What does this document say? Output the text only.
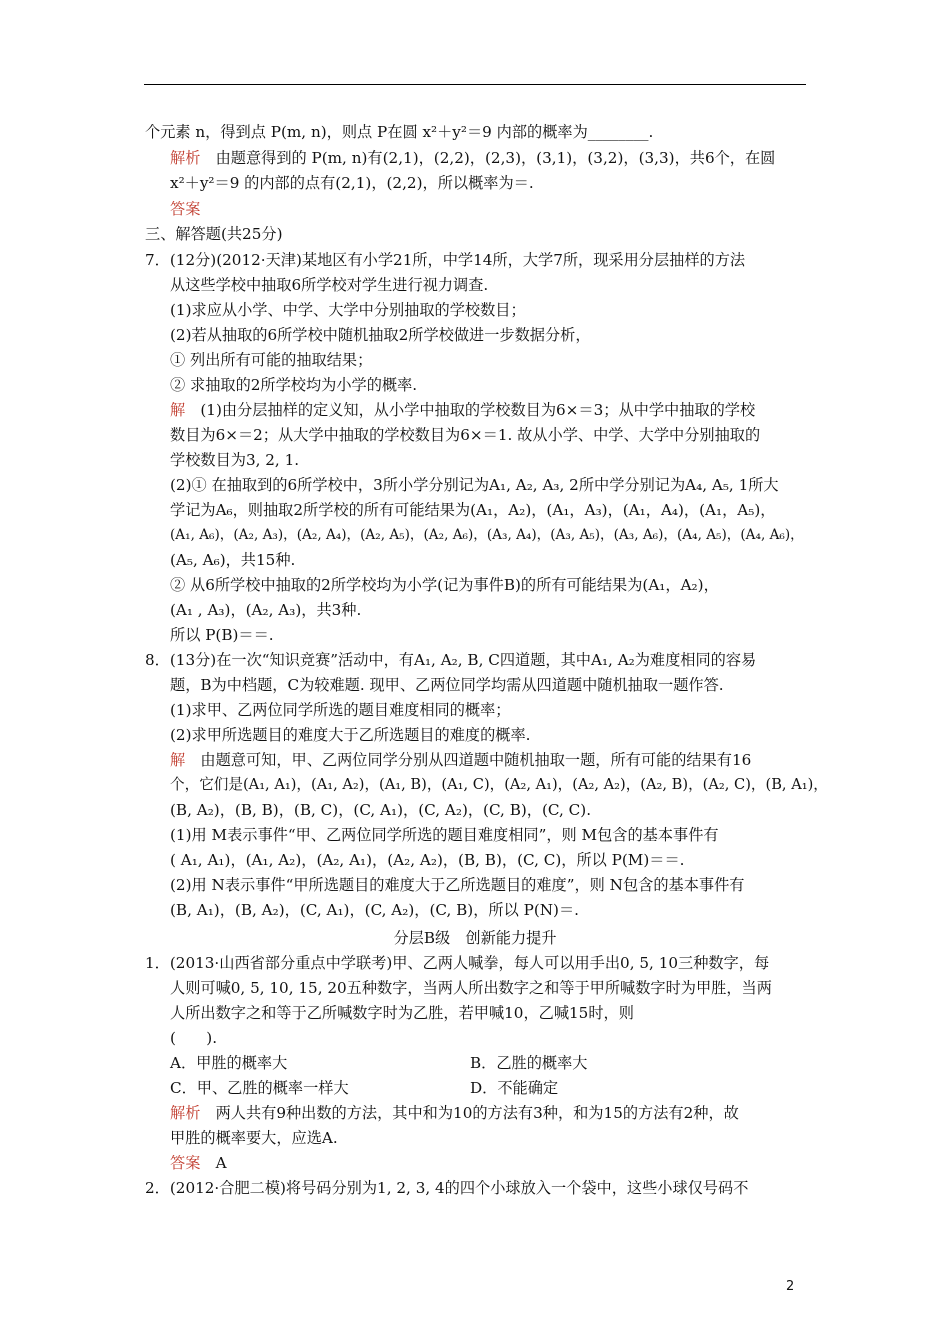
个元素 n，得到点 P(m, n)，则点 P在圆 x²＋y²＝9 内部的概率为________.
解析　由题意得到的 P(m, n)有(2,1)，(2,2)，(2,3)，(3,1)，(3,2)，(3,3)，共6个，在圆
x²＋y²＝9 的内部的点有(2,1)，(2,2)，所以概率为＝.
答案
三、解答题(共25分)
7．(12分)(2012·天津)某地区有小学21所，中学14所，大学7所，现采用分层抽样的方法
从这些学校中抽取6所学校对学生进行视力调查.
(1)求应从小学、中学、大学中分别抽取的学校数目；
(2)若从抽取的6所学校中随机抽取2所学校做进一步数据分析，
① 列出所有可能的抽取结果；
② 求抽取的2所学校均为小学的概率.
解　(1)由分层抽样的定义知，从小学中抽取的学校数目为6×＝3；从中学中抽取的学校
数目为6×＝2；从大学中抽取的学校数目为6×＝1. 故从小学、中学、大学中分别抽取的
学校数目为3, 2, 1.
(2)① 在抽取到的6所学校中，3所小学分别记为A₁, A₂, A₃, 2所中学分别记为A₄, A₅, 1所大
学记为A₆，则抽取2所学校的所有可能结果为(A₁，A₂)，(A₁，A₃)，(A₁，A₄)，(A₁，A₅)，
(A₁, A₆)，(A₂, A₃)，(A₂, A₄)，(A₂, A₅)，(A₂, A₆)，(A₃, A₄)，(A₃, A₅)，(A₃, A₆)，(A₄, A₅)，(A₄, A₆)，
(A₅, A₆)，共15种.
② 从6所学校中抽取的2所学校均为小学(记为事件B)的所有可能结果为(A₁，A₂)，
(A₁ , A₃)，(A₂, A₃)，共3种.
所以 P(B)＝＝.
8．(13分)在一次“知识竞赛”活动中，有A₁, A₂, B, C四道题，其中A₁, A₂为难度相同的容易
题，B为中档题，C为较难题. 现甲、乙两位同学均需从四道题中随机抽取一题作答.
(1)求甲、乙两位同学所选的题目难度相同的概率；
(2)求甲所选题目的难度大于乙所选题目的难度的概率.
解　由题意可知，甲、乙两位同学分别从四道题中随机抽取一题，所有可能的结果有16
个，它们是(A₁, A₁)，(A₁, A₂)，(A₁, B)，(A₁, C)，(A₂, A₁)，(A₂, A₂)，(A₂, B)，(A₂, C)，(B, A₁)，
(B, A₂)，(B, B)，(B, C)，(C, A₁)，(C, A₂)，(C, B)，(C, C).
(1)用 M表示事件“甲、乙两位同学所选的题目难度相同”，则 M包含的基本事件有
( A₁, A₁)，(A₁, A₂)，(A₂, A₁)，(A₂, A₂)，(B, B)，(C, C)，所以 P(M)＝＝.
(2)用 N表示事件“甲所选题目的难度大于乙所选题目的难度”，则 N包含的基本事件有
(B, A₁)，(B, A₂)，(C, A₁)，(C, A₂)，(C, B)，所以 P(N)＝.
分层B级　创新能力提升
1．(2013·山西省部分重点中学联考)甲、乙两人喊拳，每人可以用手出0, 5, 10三种数字，每
人则可喊0, 5, 10, 15, 20五种数字，当两人所出数字之和等于甲所喊数字时为甲胜，当两
人所出数字之和等于乙所喊数字时为乙胜，若甲喊10，乙喊15时，则
(　　).
A．甲胜的概率大	B．乙胜的概率大
C．甲、乙胜的概率一样大	D．不能确定
解析　两人共有9种出数的方法，其中和为10的方法有3种，和为15的方法有2种，故
甲胜的概率要大，应选A.
答案　A
2．(2012·合肥二模)将号码分别为1, 2, 3, 4的四个小球放入一个袋中，这些小球仅号码不
2
